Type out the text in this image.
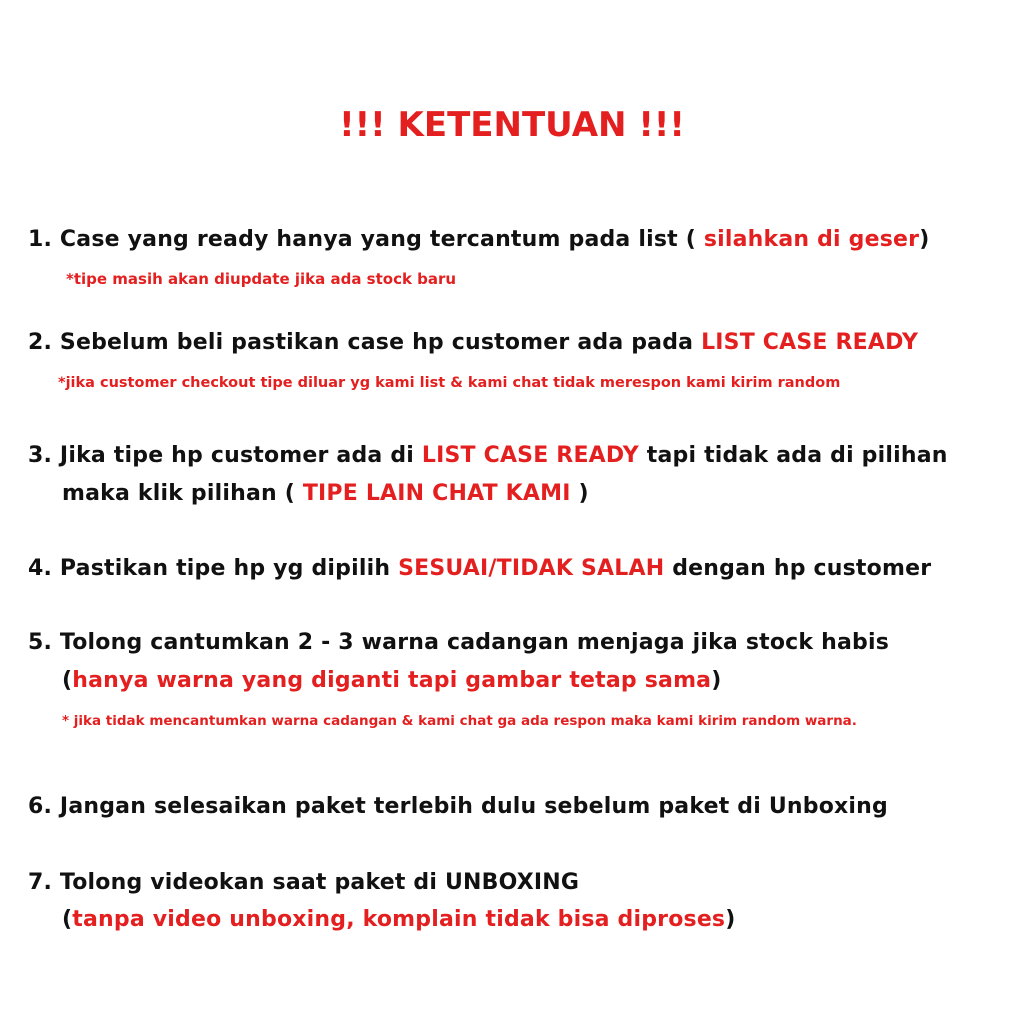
!!! KETENTUAN !!!
1. Case yang ready hanya yang tercantum pada list ( silahkan di geser)
*tipe masih akan diupdate jika ada stock baru
2. Sebelum beli pastikan case hp customer ada pada LIST CASE READY
*jika customer checkout tipe diluar yg kami list & kami chat tidak merespon kami kirim random
3. Jika tipe hp customer ada di LIST CASE READY tapi tidak ada di pilihan
maka klik pilihan ( TIPE LAIN CHAT KAMI )
4. Pastikan tipe hp yg dipilih SESUAI/TIDAK SALAH dengan hp customer
5. Tolong cantumkan 2 - 3 warna cadangan menjaga jika stock habis
(hanya warna yang diganti tapi gambar tetap sama)
* jika tidak mencantumkan warna cadangan & kami chat ga ada respon maka kami kirim random warna.
6. Jangan selesaikan paket terlebih dulu sebelum paket di Unboxing
7. Tolong videokan saat paket di UNBOXING
(tanpa video unboxing, komplain tidak bisa diproses)
